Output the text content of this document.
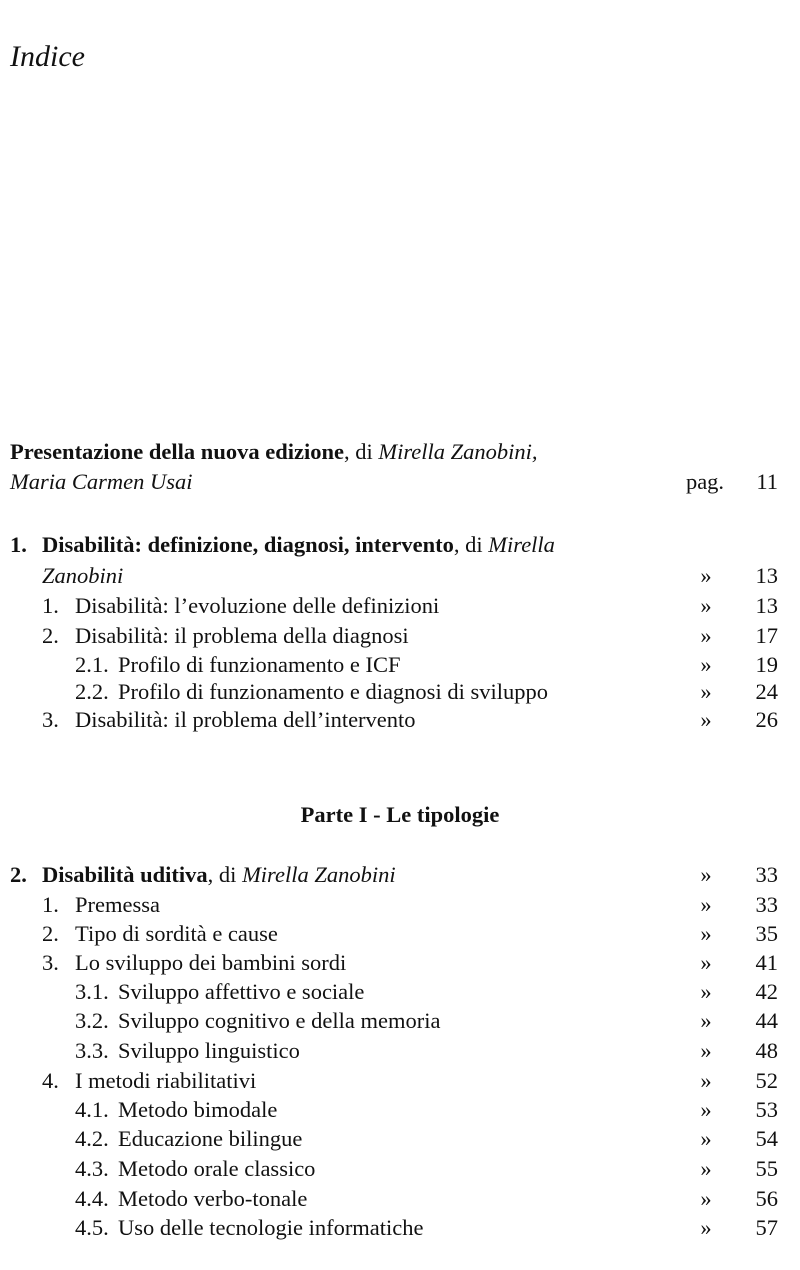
Indice
Presentazione della nuova edizione, di Mirella Zanobini,
Maria Carmen Usai	pag. 11
1. Disabilità: definizione, diagnosi, intervento, di Mirella
Zanobini	» 13
1. Disabilità: l’evoluzione delle definizioni	» 13
2. Disabilità: il problema della diagnosi	» 17
2.1. Profilo di funzionamento e ICF	» 19
2.2. Profilo di funzionamento e diagnosi di sviluppo	» 24
3. Disabilità: il problema dell’intervento	» 26
Parte I - Le tipologie
2. Disabilità uditiva, di Mirella Zanobini	» 33
1. Premessa	» 33
2. Tipo di sordità e cause	» 35
3. Lo sviluppo dei bambini sordi	» 41
3.1. Sviluppo affettivo e sociale	» 42
3.2. Sviluppo cognitivo e della memoria	» 44
3.3. Sviluppo linguistico	» 48
4. I metodi riabilitativi	» 52
4.1. Metodo bimodale	» 53
4.2. Educazione bilingue	» 54
4.3. Metodo orale classico	» 55
4.4. Metodo verbo-tonale	» 56
4.5. Uso delle tecnologie informatiche	» 57
